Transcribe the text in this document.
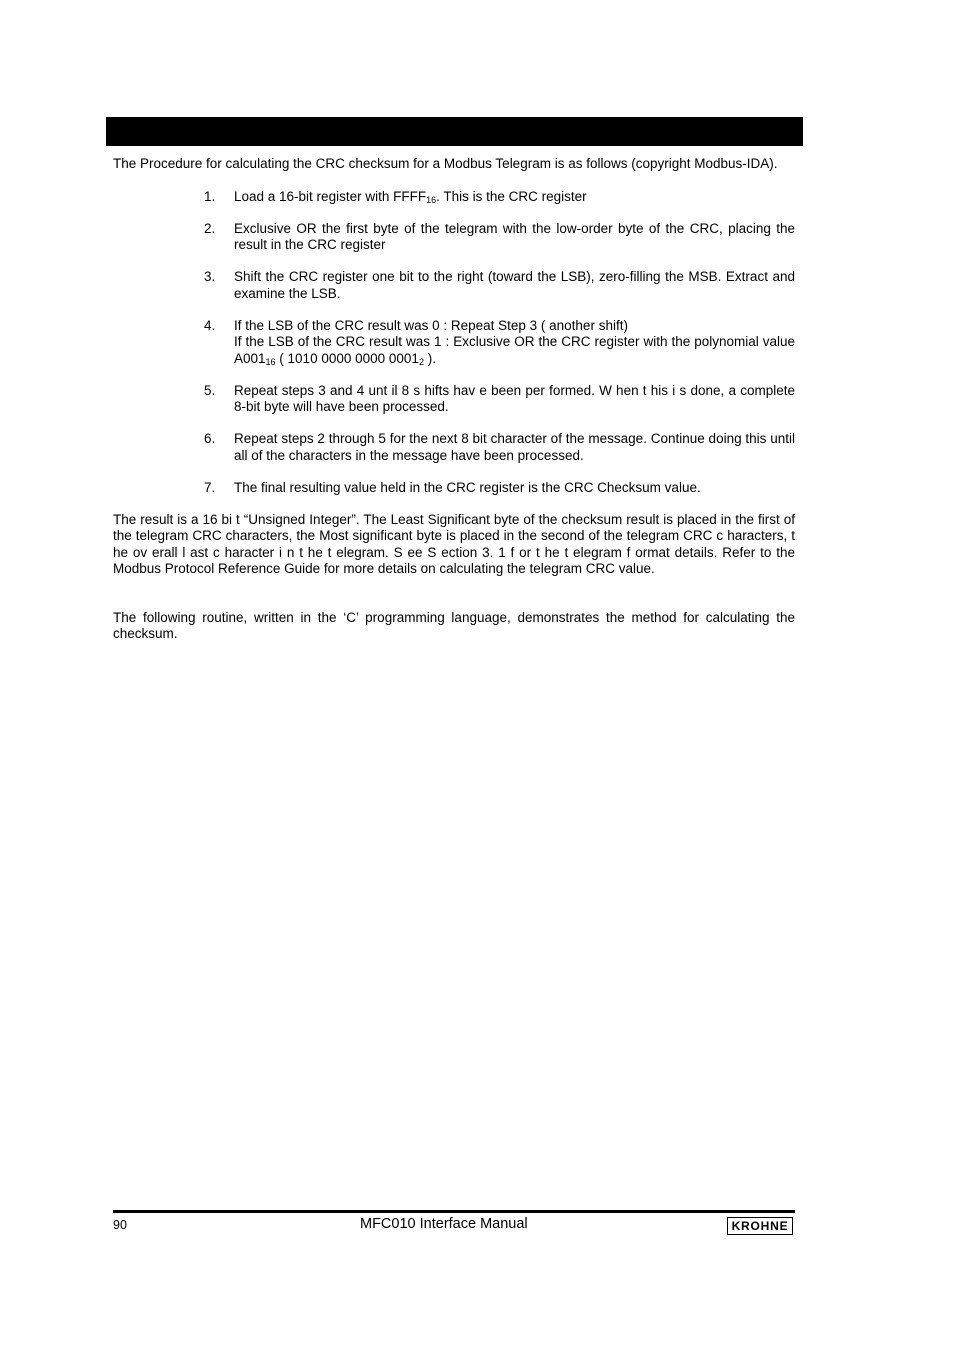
The Procedure for calculating the CRC checksum for a Modbus Telegram is as follows (copyright Modbus-IDA).

1. Load a 16-bit register with $FFFF_{16}$. This is the CRC register
2. Exclusive OR the first byte of the telegram with the low-order byte of the CRC, placing the result in the CRC register
3. Shift the CRC register one bit to the right (toward the LSB), zero-filling the MSB. Extract and examine the LSB.
4. If the LSB of the CRC result was 0 : Repeat Step 3 ( another shift)
If the LSB of the CRC result was 1 : Exclusive OR the CRC register with the polynomial value $A001_{16}$ ( 1010 0000 0000 $0001_2$ ).
5. Repeat steps 3 and 4 unt il 8 s hifts hav e been per formed. W hen t his i s done, a complete 8-bit byte will have been processed.
6. Repeat steps 2 through 5 for the next 8 bit character of the message. Continue doing this until all of the characters in the message have been processed.
7. The final resulting value held in the CRC register is the CRC Checksum value.

The result is a 16 bi t “Unsigned Integer”. The Least Significant byte of the checksum result is placed in the first of the telegram CRC characters, the Most significant byte is placed in the second of the telegram CRC c haracters, t he ov erall l ast c haracter i n t he t elegram. S ee S ection 3. 1 f or t he t elegram f ormat details. Refer to the Modbus Protocol Reference Guide for more details on calculating the telegram CRC value.

The following routine, written in the ‘C’ programming language, demonstrates the method for calculating the checksum.

90	MFC010 Interface Manual	KROHNE
